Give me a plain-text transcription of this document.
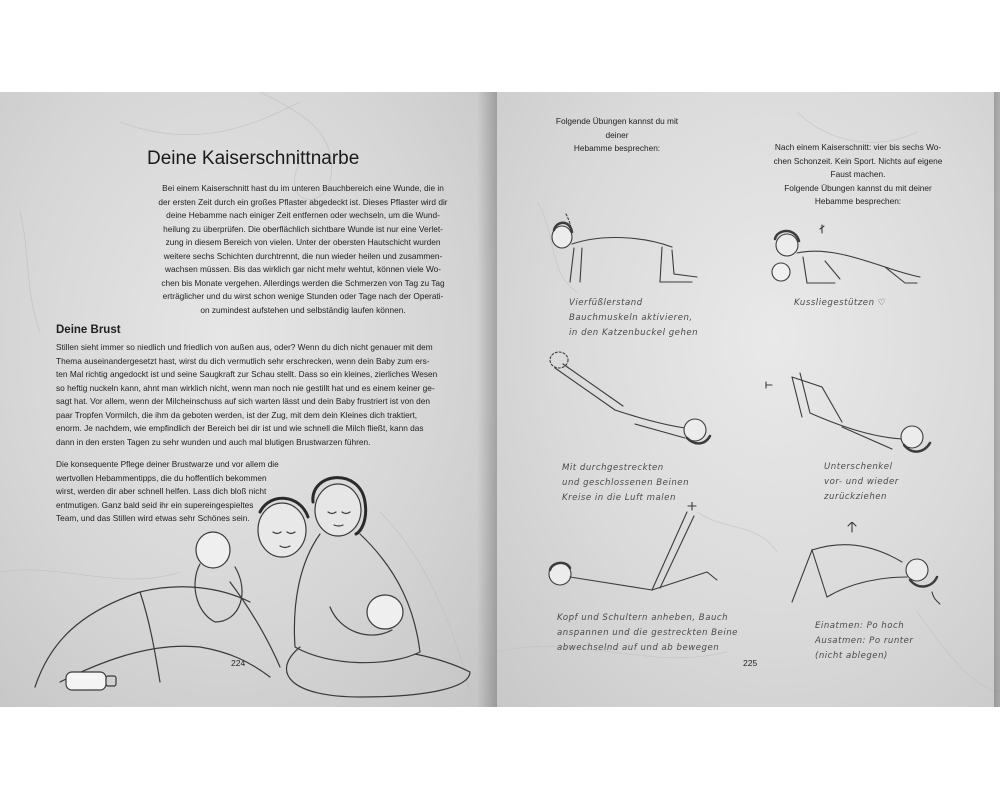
Deine Kaiserschnittnarbe

Bei einem Kaiserschnitt hast du im unteren Bauchbereich eine Wunde, die in
der ersten Zeit durch ein großes Pflaster abgedeckt ist. Dieses Pflaster wird dir
deine Hebamme nach einiger Zeit entfernen oder wechseln, um die Wund-
heilung zu überprüfen. Die oberflächlich sichtbare Wunde ist nur eine Verlet-
zung in diesem Bereich von vielen. Unter der obersten Hautschicht wurden
weitere sechs Schichten durchtrennt, die nun wieder heilen und zusammen-
wachsen müssen. Bis das wirklich gar nicht mehr wehtut, können viele Wo-
chen bis Monate vergehen. Allerdings werden die Schmerzen von Tag zu Tag
erträglicher und du wirst schon wenige Stunden oder Tage nach der Operati-
on zumindest aufstehen und selbständig laufen können.

Deine Brust

Stillen sieht immer so niedlich und friedlich von außen aus, oder? Wenn du dich nicht genauer mit dem
Thema auseinandergesetzt hast, wirst du dich vermutlich sehr erschrecken, wenn dein Baby zum ers-
ten Mal richtig angedockt ist und seine Saugkraft zur Schau stellt. Dass so ein kleines, zierliches Wesen
so heftig nuckeln kann, ahnt man wirklich nicht, wenn man noch nie gestillt hat und es einem keiner ge-
sagt hat. Vor allem, wenn der Milcheinschuss auf sich warten lässt und dein Baby frustriert ist von den
paar Tropfen Vormilch, die ihm da geboten werden, ist der Zug, mit dem dein Kleines dich traktiert,
enorm. Je nachdem, wie empfindlich der Bereich bei dir ist und wie schnell die Milch fließt, kann das
dann in den ersten Tagen zu sehr wunden und auch mal blutigen Brustwarzen führen.

Die konsequente Pflege deiner Brustwarze und vor allem die
wertvollen Hebammentipps, die du hoffentlich bekommen
wirst, werden dir aber schnell helfen. Lass dich bloß nicht
entmutigen. Ganz bald seid ihr ein supereingespieltes
Team, und das Stillen wird etwas sehr Schönes sein.

224

Folgende Übungen kannst du mit deiner
Hebamme besprechen:	Nach einem Kaiserschnitt: vier bis sechs Wo-
chen Schonzeit. Kein Sport. Nichts auf eigene
Faust machen.
Folgende Übungen kannst du mit deiner
Hebamme besprechen:

Vierfüßlerstand
Bauchmuskeln aktivieren,
in den Katzenbuckel gehen
Kussliegestützen ♡
Mit durchgestreckten
und geschlossenen Beinen
Kreise in die Luft malen
Unterschenkel
vor- und wieder
zurückziehen
Kopf und Schultern anheben, Bauch
anspannen und die gestreckten Beine
abwechselnd auf und ab bewegen
Einatmen: Po hoch
Ausatmen: Po runter
(nicht ablegen)
225
